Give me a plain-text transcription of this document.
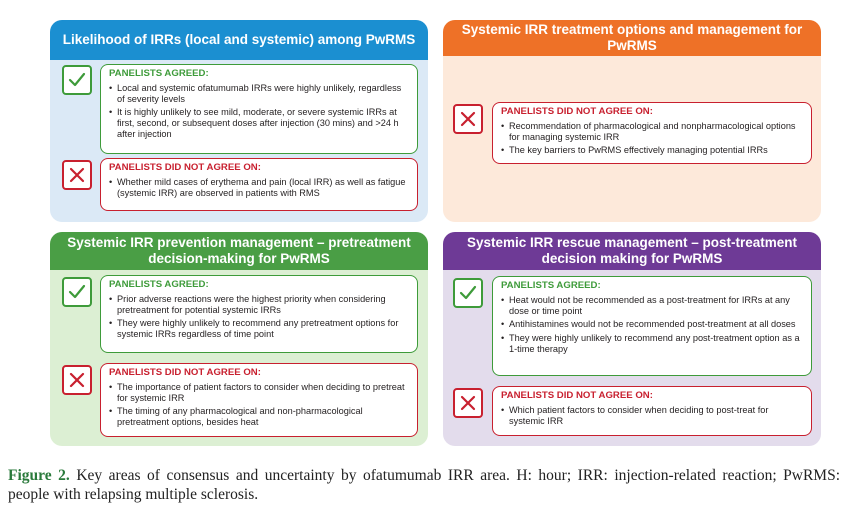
Likelihood of IRRs (local and systemic) among PwRMS
PANELISTS AGREED:
• Local and systemic ofatumumab IRRs were highly unlikely, regardless of severity levels
• It is highly unlikely to see mild, moderate, or severe systemic IRRs at first, second, or subsequent doses after injection (30 mins) and >24 h after injection
PANELISTS DID NOT AGREE ON:
• Whether mild cases of erythema and pain (local IRR) as well as fatigue (systemic IRR) are observed in patients with RMS
Systemic IRR treatment options and management for PwRMS
PANELISTS DID NOT AGREE ON:
• Recommendation of pharmacological and nonpharmacological options for managing systemic IRR
• The key barriers to PwRMS effectively managing potential IRRs
Systemic IRR prevention management – pretreatment decision-making for PwRMS
PANELISTS AGREED:
• Prior adverse reactions were the highest priority when considering pretreatment for potential systemic IRRs
• They were highly unlikely to recommend any pretreatment options for systemic IRRs regardless of time point
PANELISTS DID NOT AGREE ON:
• The importance of patient factors to consider when deciding to pretreat for systemic IRR
• The timing of any pharmacological and non-pharmacological pretreatment options, besides heat
Systemic IRR rescue management – post-treatment decision making for PwRMS
PANELISTS AGREED:
• Heat would not be recommended as a post-treatment for IRRs at any dose or time point
• Antihistamines would not be recommended post-treatment at all doses
• They were highly unlikely to recommend any post-treatment option as a 1-time therapy
PANELISTS DID NOT AGREE ON:
• Which patient factors to consider when deciding to post-treat for systemic IRR
Figure 2. Key areas of consensus and uncertainty by ofatumumab IRR area. H: hour; IRR: injection-related reaction; PwRMS: people with relapsing multiple sclerosis.
